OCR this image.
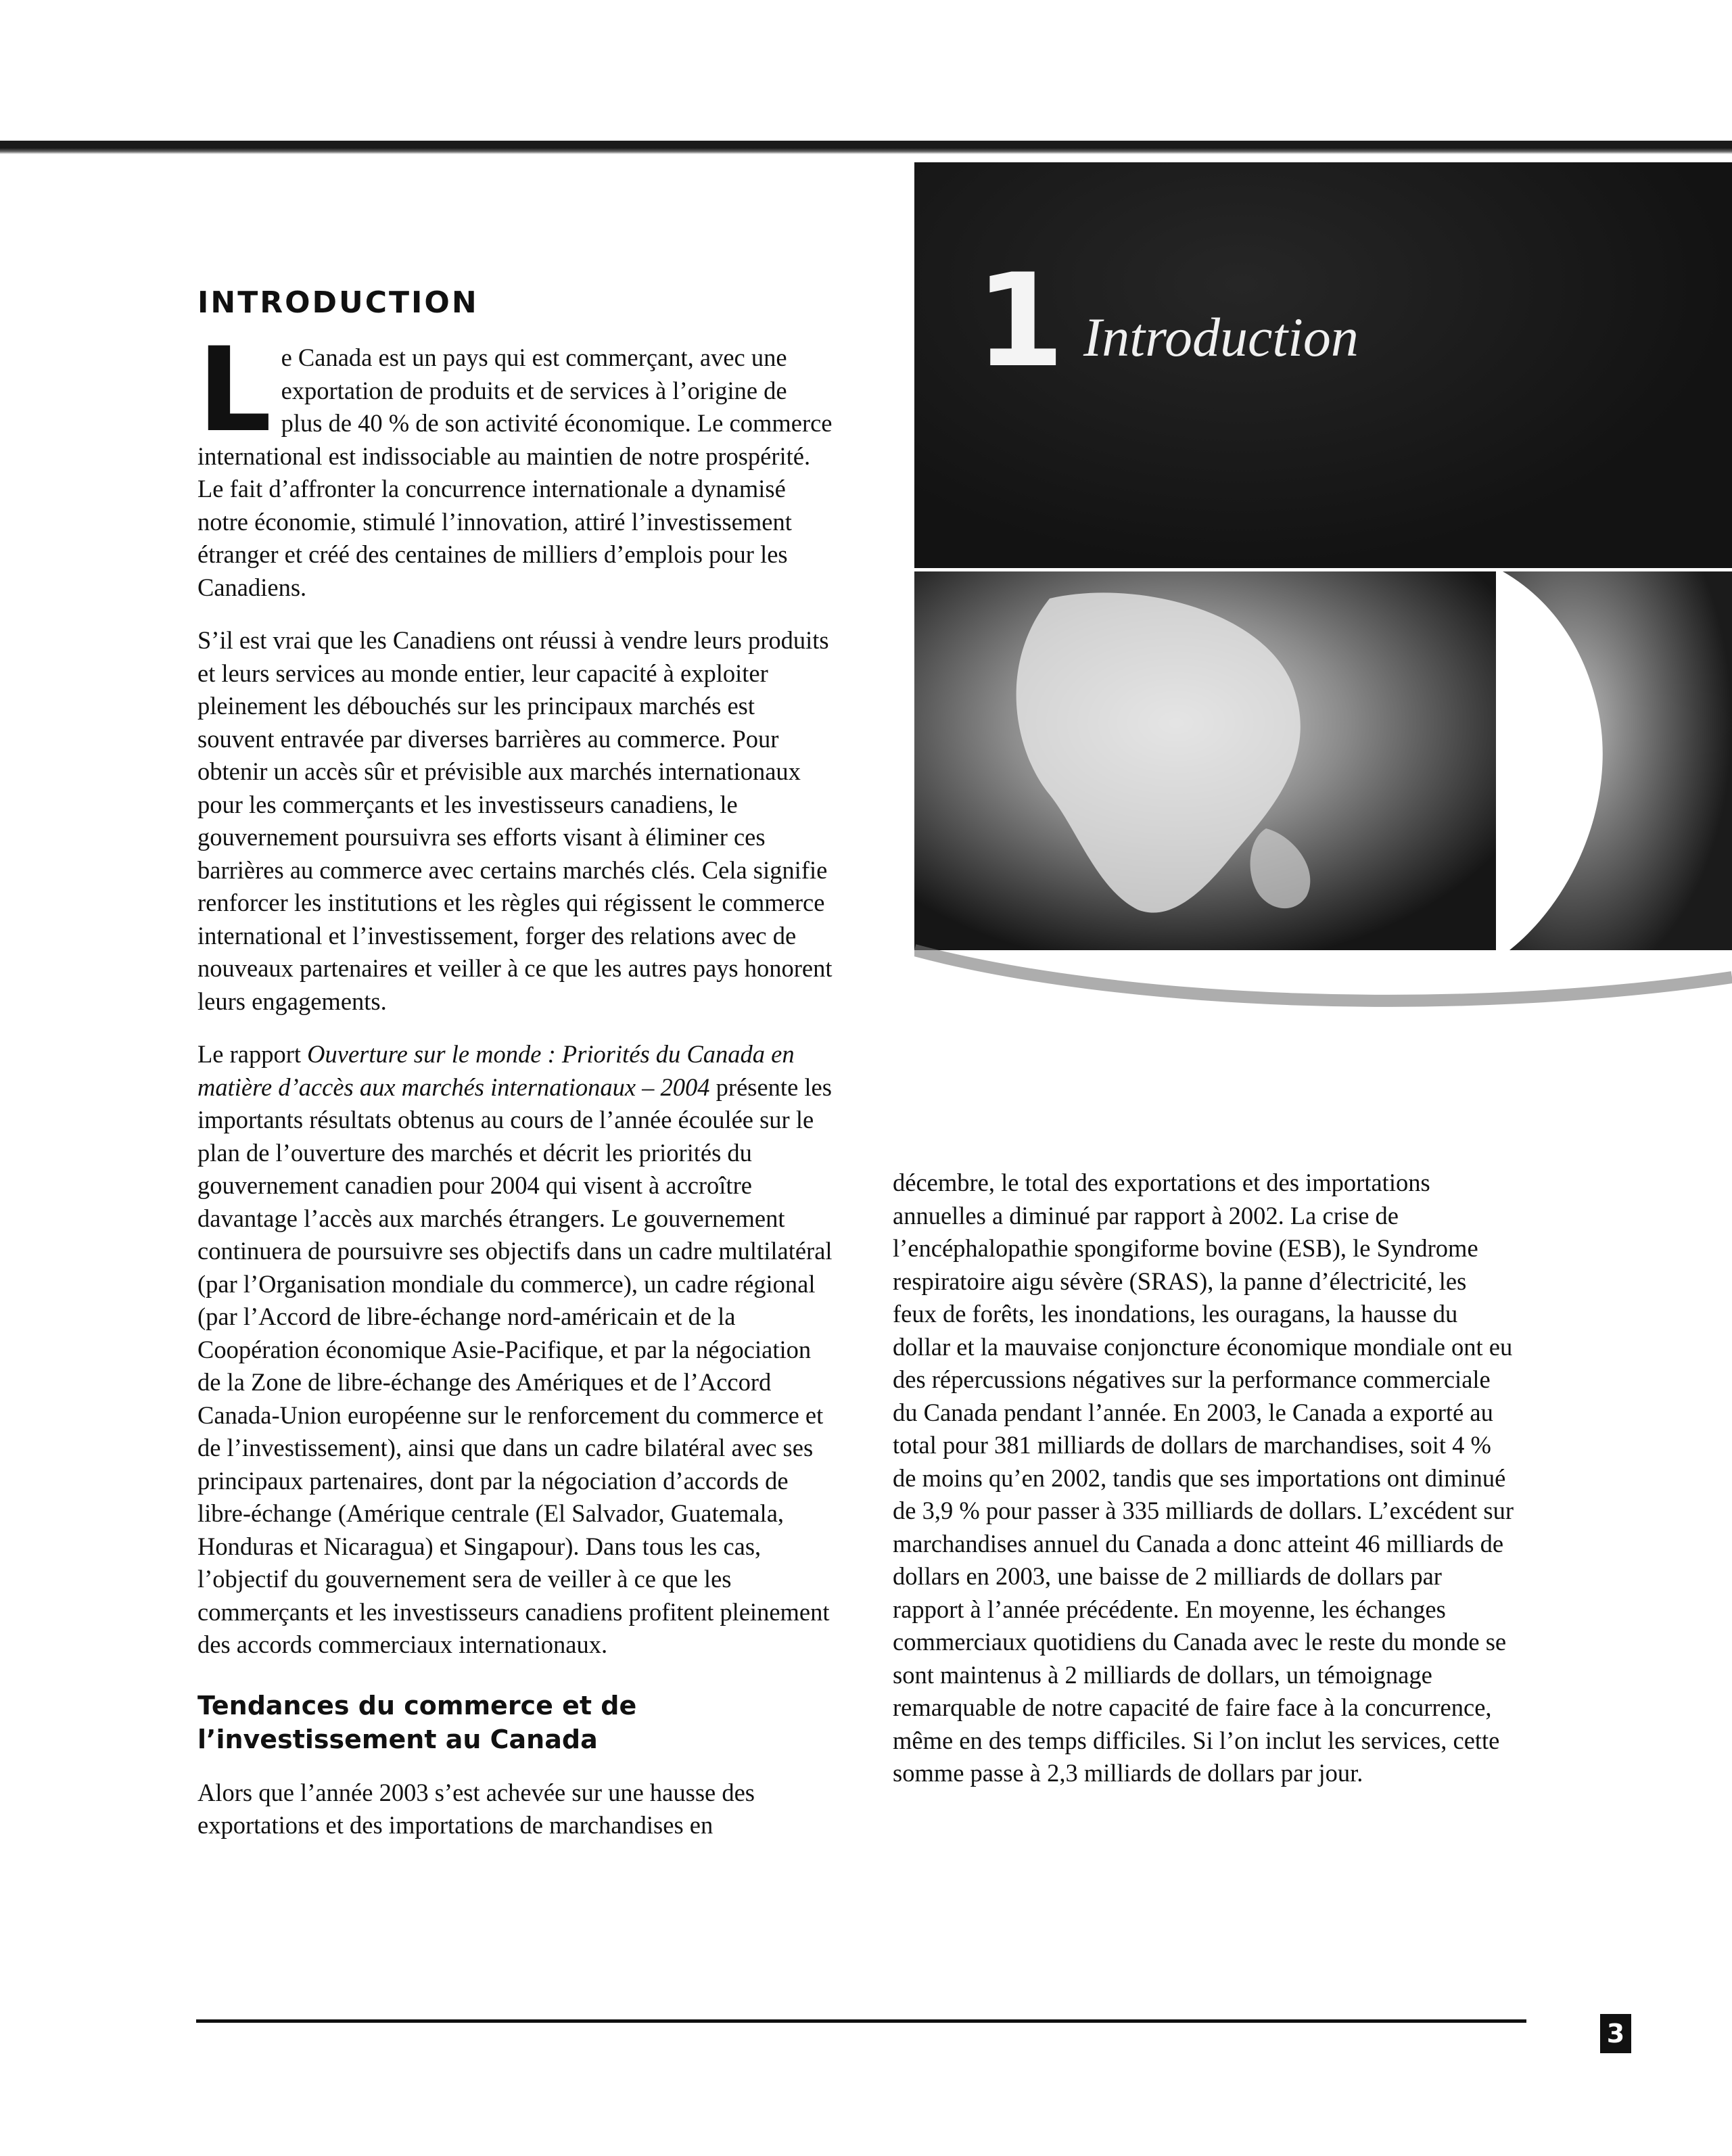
1 Introduction
INTRODUCTION

Le Canada est un pays qui est commerçant, avec une exportation de produits et de services à l’origine de plus de 40 % de son activité économique. Le commerce international est indissociable au maintien de notre prospérité. Le fait d’affronter la concurrence internationale a dynamisé notre économie, stimulé l’innovation, attiré l’investissement étranger et créé des centaines de milliers d’emplois pour les Canadiens.

S’il est vrai que les Canadiens ont réussi à vendre leurs produits et leurs services au monde entier, leur capacité à exploiter pleinement les débouchés sur les principaux marchés est souvent entravée par diverses barrières au commerce. Pour obtenir un accès sûr et prévisible aux marchés internationaux pour les commerçants et les investisseurs canadiens, le gouvernement poursuivra ses efforts visant à éliminer ces barrières au commerce avec certains marchés clés. Cela signifie renforcer les institutions et les règles qui régissent le commerce international et l’investissement, forger des relations avec de nouveaux partenaires et veiller à ce que les autres pays honorent leurs engagements.

Le rapport Ouverture sur le monde : Priorités du Canada en matière d’accès aux marchés internationaux – 2004 présente les importants résultats obtenus au cours de l’année écoulée sur le plan de l’ouverture des marchés et décrit les priorités du gouvernement canadien pour 2004 qui visent à accroître davantage l’accès aux marchés étrangers. Le gouvernement continuera de poursuivre ses objectifs dans un cadre multilatéral (par l’Organisation mondiale du commerce), un cadre régional (par l’Accord de libre-échange nord-américain et de la Coopération économique Asie-Pacifique, et par la négociation de la Zone de libre-échange des Amériques et de l’Accord Canada-Union européenne sur le renforcement du commerce et de l’investissement), ainsi que dans un cadre bilatéral avec ses principaux partenaires, dont par la négociation d’accords de libre-échange (Amérique centrale (El Salvador, Guatemala, Honduras et Nicaragua) et Singapour). Dans tous les cas, l’objectif du gouvernement sera de veiller à ce que les commerçants et les investisseurs canadiens profitent pleinement des accords commerciaux internationaux.

Tendances du commerce et de l’investissement au Canada

Alors que l’année 2003 s’est achevée sur une hausse des exportations et des importations de marchandises en

décembre, le total des exportations et des importations annuelles a diminué par rapport à 2002. La crise de l’encéphalopathie spongiforme bovine (ESB), le Syndrome respiratoire aigu sévère (SRAS), la panne d’électricité, les feux de forêts, les inondations, les ouragans, la hausse du dollar et la mauvaise conjoncture économique mondiale ont eu des répercussions négatives sur la performance commerciale du Canada pendant l’année. En 2003, le Canada a exporté au total pour 381 milliards de dollars de marchandises, soit 4 % de moins qu’en 2002, tandis que ses importations ont diminué de 3,9 % pour passer à 335 milliards de dollars. L’excédent sur marchandises annuel du Canada a donc atteint 46 milliards de dollars en 2003, une baisse de 2 milliards de dollars par rapport à l’année précédente. En moyenne, les échanges commerciaux quotidiens du Canada avec le reste du monde se sont maintenus à 2 milliards de dollars, un témoignage remarquable de notre capacité de faire face à la concurrence, même en des temps difficiles. Si l’on inclut les services, cette somme passe à 2,3 milliards de dollars par jour.

3
